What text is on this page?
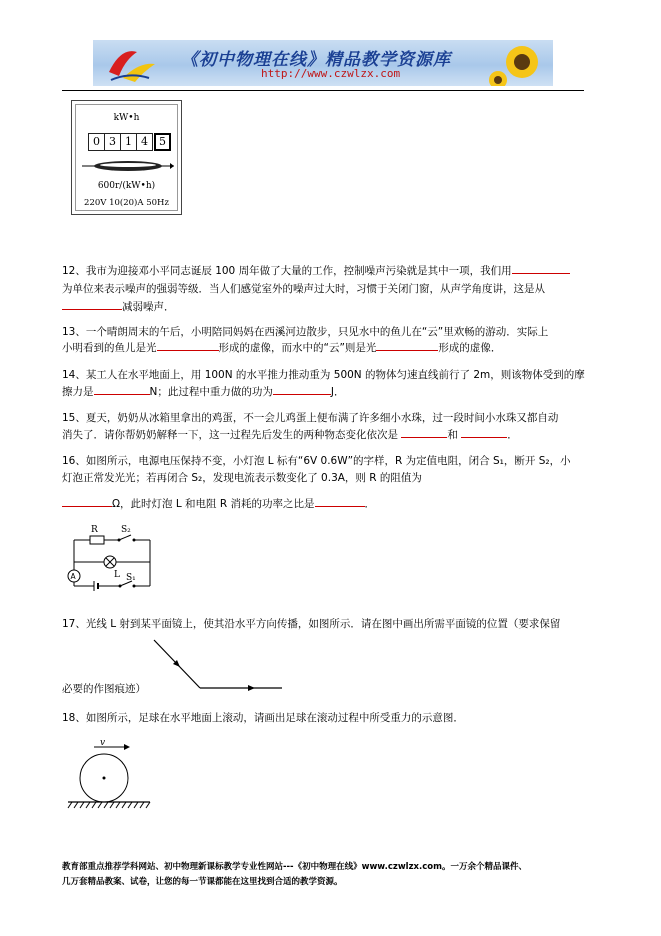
《初中物理在线》精品教学资源库
http://www.czwlzx.com
kW•h
0 3 1 4	5
600r/(kW•h)
220V 10(20)A 50Hz
12、我市为迎接邓小平同志诞辰 100 周年做了大量的工作，控制噪声污染就是其中一项，我们用
为单位来表示噪声的强弱等级．当人们感觉室外的噪声过大时，习惯于关闭门窗，从声学角度讲，这是从
减弱噪声．
13、一个晴朗周末的午后，小明陪同妈妈在西溪河边散步，只见水中的鱼儿在“云”里欢畅的游动．实际上
小明看到的鱼儿是光	形成的虚像，而水中的“云”则是光	形成的虚像．
14、某工人在水平地面上，用 100N 的水平推力推动重为 500N 的物体匀速直线前行了 2m，则该物体受到的摩
擦力是	N；此过程中重力做的功为	J．
15、夏天，奶奶从冰箱里拿出的鸡蛋，不一会儿鸡蛋上便布满了许多细小水珠，过一段时间小水珠又都自动
消失了．请你帮奶奶解释一下，这一过程先后发生的两种物态变化依次是	和	．
16、如图所示，电源电压保持不变，小灯泡 L 标有“6V 0.6W”的字样，R 为定值电阻，闭合 S₁，断开 S₂，小
灯泡正常发光光；若再闭合 S₂，发现电流表示数变化了 0.3A，则 R 的阻值为
Ω，此时灯泡 L 和电阻 R 消耗的功率之比是	．
R	S₂
L S₁
A
17、光线 L 射到某平面镜上，使其沿水平方向传播，如图所示．请在图中画出所需平面镜的位置（要求保留
必要的作图痕迹）
18、如图所示，足球在水平地面上滚动，请画出足球在滚动过程中所受重力的示意图．
v
教育部重点推荐学科网站、初中物理新课标教学专业性网站---《初中物理在线》www.czwlzx.com。一万余个精品课件、
几万套精品教案、试卷，让您的每一节课都能在这里找到合适的教学资源。
